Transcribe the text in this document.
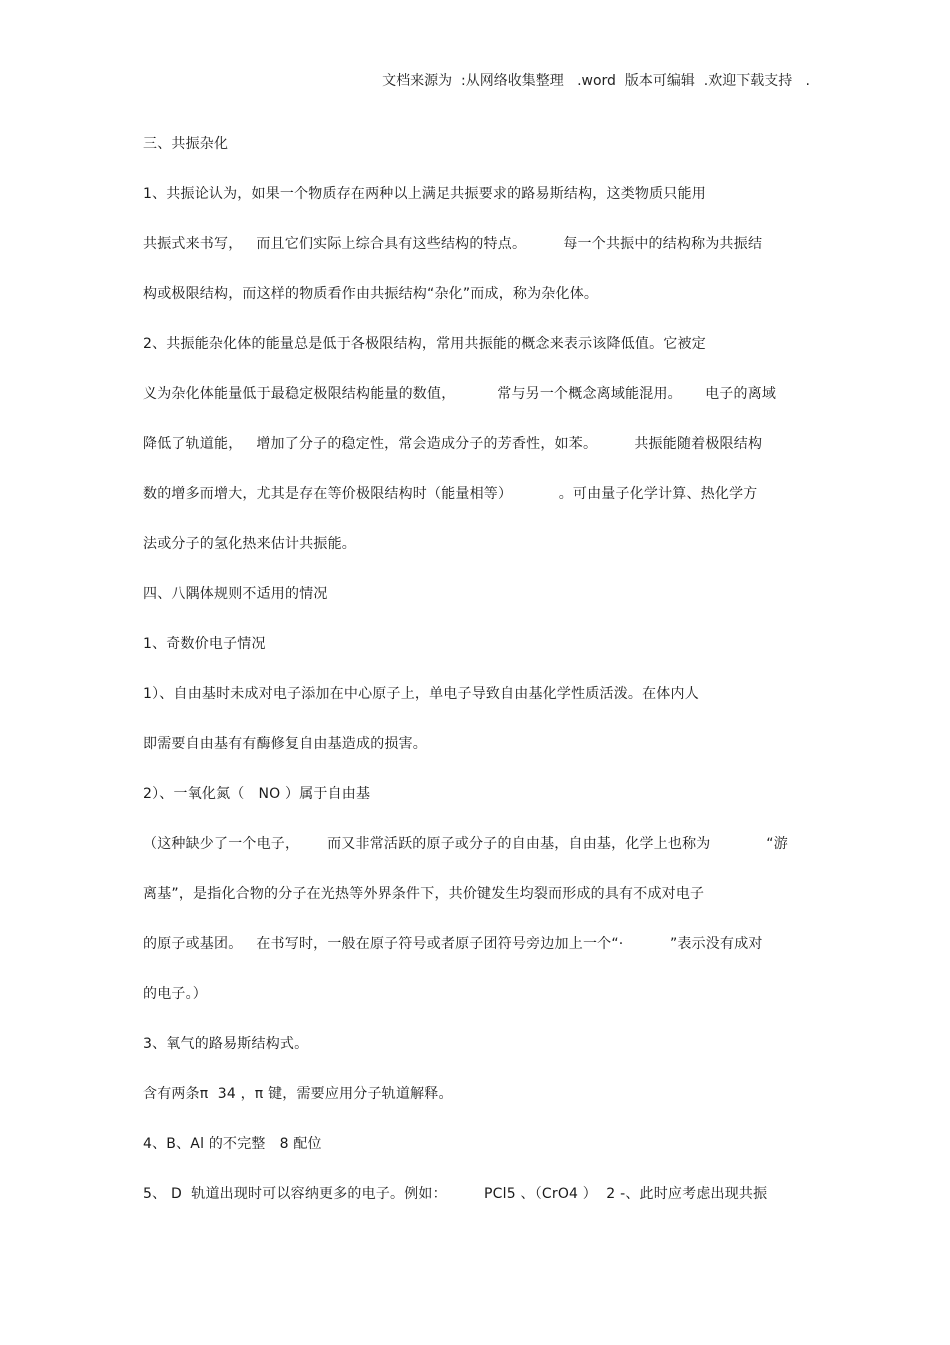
文档来源为  :从网络收集整理   .word  版本可编辑  .欢迎下载支持   .
三、共振杂化
1、共振论认为，如果一个物质存在两种以上满足共振要求的路易斯结构，这类物质只能用
共振式来书写，   而且它们实际上综合具有这些结构的特点。        每一个共振中的结构称为共振结
构或极限结构，而这样的物质看作由共振结构“杂化”而成，称为杂化体。
2、共振能杂化体的能量总是低于各极限结构，常用共振能的概念来表示该降低值。它被定
义为杂化体能量低于最稳定极限结构能量的数值，         常与另一个概念离域能混用。     电子的离域
降低了轨道能，   增加了分子的稳定性，常会造成分子的芳香性，如苯。        共振能随着极限结构
数的增多而增大，尤其是存在等价极限结构时（能量相等）          。可由量子化学计算、热化学方
法或分子的氢化热来估计共振能。
四、八隅体规则不适用的情况
1、奇数价电子情况
1）、自由基时未成对电子添加在中心原子上，单电子导致自由基化学性质活泼。在体内人
即需要自由基有有酶修复自由基造成的损害。
2）、一氧化氮（   NO ）属于自由基
（这种缺少了一个电子，      而又非常活跃的原子或分子的自由基，自由基，化学上也称为            “游
离基”，是指化合物的分子在光热等外界条件下，共价键发生均裂而形成的具有不成对电子
的原子或基团。   在书写时，一般在原子符号或者原子团符号旁边加上一个“·          ”表示没有成对
的电子。）
3、氧气的路易斯结构式。
含有两条π  34 ，π 键，需要应用分子轨道解释。
4、B、Al 的不完整   8 配位
5、 D  轨道出现时可以容纳更多的电子。例如：        PCl5 、（CrO4 ）  2 -、此时应考虑出现共振
